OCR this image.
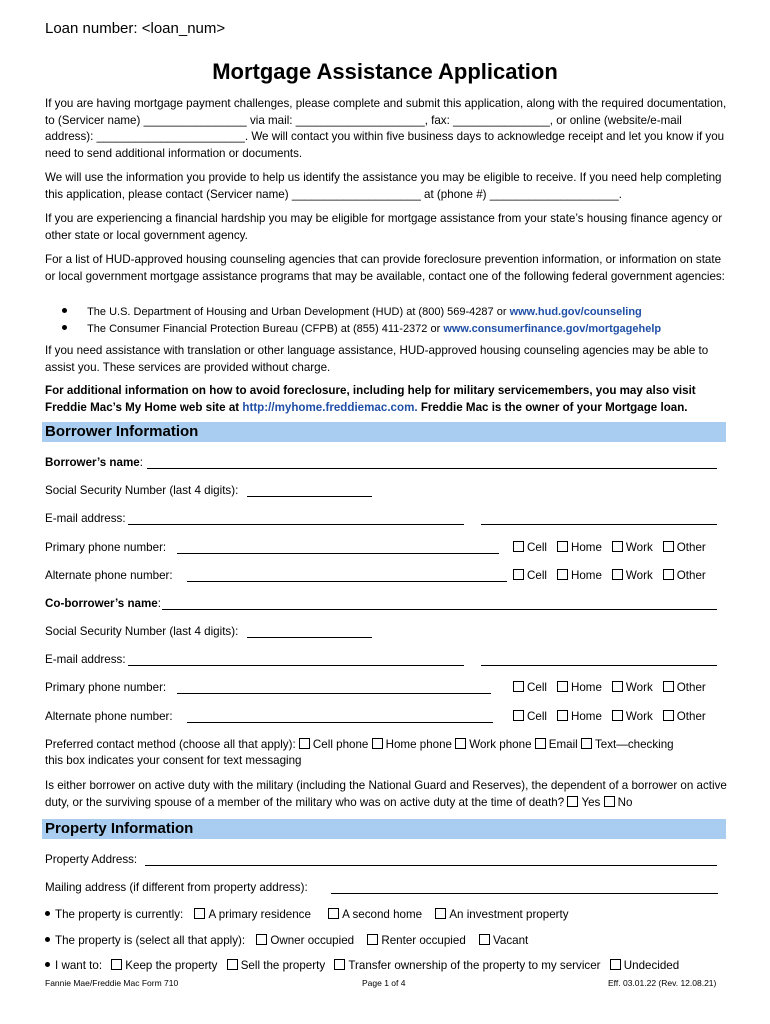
Loan number: <loan_num>
Mortgage Assistance Application
If you are having mortgage payment challenges, please complete and submit this application, along with the required documentation, to (Servicer name) ________________ via mail: ____________________, fax: _______________, or online (website/e-mail address): _______________________. We will contact you within five business days to acknowledge receipt and let you know if you need to send additional information or documents.
We will use the information you provide to help us identify the assistance you may be eligible to receive. If you need help completing this application, please contact (Servicer name) ____________________ at (phone #) ____________________.
If you are experiencing a financial hardship you may be eligible for mortgage assistance from your state’s housing finance agency or other state or local government agency.
For a list of HUD-approved housing counseling agencies that can provide foreclosure prevention information, or information on state or local government mortgage assistance programs that may be available, contact one of the following federal government agencies:
The U.S. Department of Housing and Urban Development (HUD) at (800) 569-4287 or www.hud.gov/counseling
The Consumer Financial Protection Bureau (CFPB) at (855) 411-2372 or www.consumerfinance.gov/mortgagehelp
If you need assistance with translation or other language assistance, HUD-approved housing counseling agencies may be able to assist you. These services are provided without charge.
For additional information on how to avoid foreclosure, including help for military servicemembers, you may also visit Freddie Mac’s My Home web site at http://myhome.freddiemac.com. Freddie Mac is the owner of your Mortgage loan.
Borrower Information
Borrower’s name:
Social Security Number (last 4 digits):
E-mail address:
Primary phone number:	Cell Home Work Other
Alternate phone number:	Cell Home Work Other
Co-borrower’s name:
Social Security Number (last 4 digits):
E-mail address:
Primary phone number:	Cell Home Work Other
Alternate phone number:	Cell Home Work Other
Preferred contact method (choose all that apply): Cell phone Home phone Work phone Email Text—checking
this box indicates your consent for text messaging
Is either borrower on active duty with the military (including the National Guard and Reserves), the dependent of a borrower on active duty, or the surviving spouse of a member of the military who was on active duty at the time of death? Yes No
Property Information
Property Address:
Mailing address (if different from property address):
The property is currently: A primary residence	A second home An investment property
The property is (select all that apply): Owner occupied Renter occupied Vacant
I want to: Keep the property Sell the property Transfer ownership of the property to my servicer Undecided
Fannie Mae/Freddie Mac Form 710	Page 1 of 4	Eff. 03.01.22 (Rev. 12.08.21)
